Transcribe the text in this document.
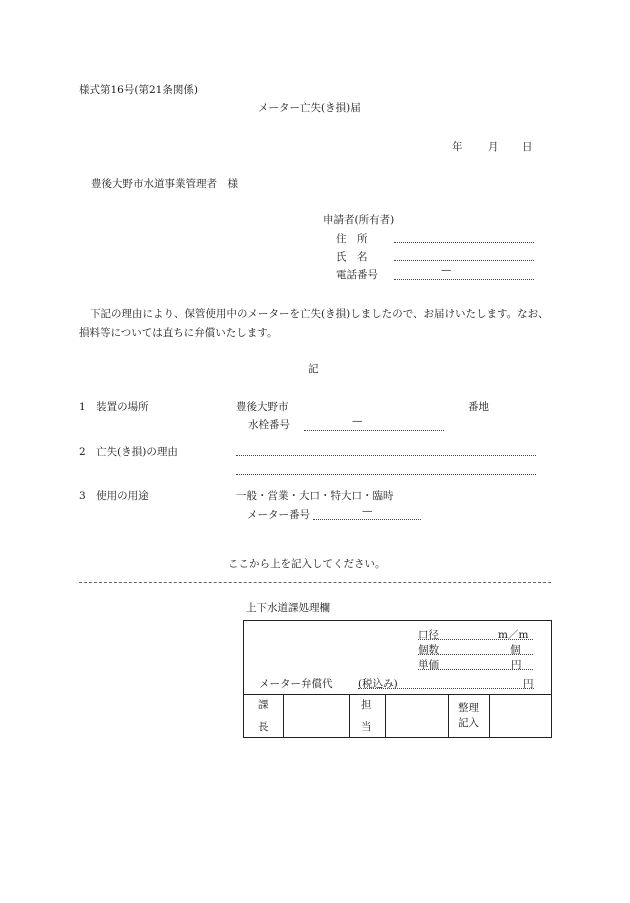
様式第16号(第21条関係)
メーター亡失(き損)届
年 月 日
豊後大野市水道事業管理者　様
申請者(所有者)
住　所
氏　名
電話番号	—
下記の理由により、保管使用中のメーターを亡失(き損)しましたので、お届けいたします。なお、損料等については直ちに弁償いたします。
記
1　装置の場所	豊後大野市	番地
水栓番号	—
2　亡失(き損)の理由
3　使用の用途	一般・営業・大口・特大口・臨時
メーター番号	—
ここから上を記入してください。
上下水道課処理欄
口径	m／m
個数	個
単価	円
メーター弁償代 (税込み)	円
課
長
担
当
整理
記入
